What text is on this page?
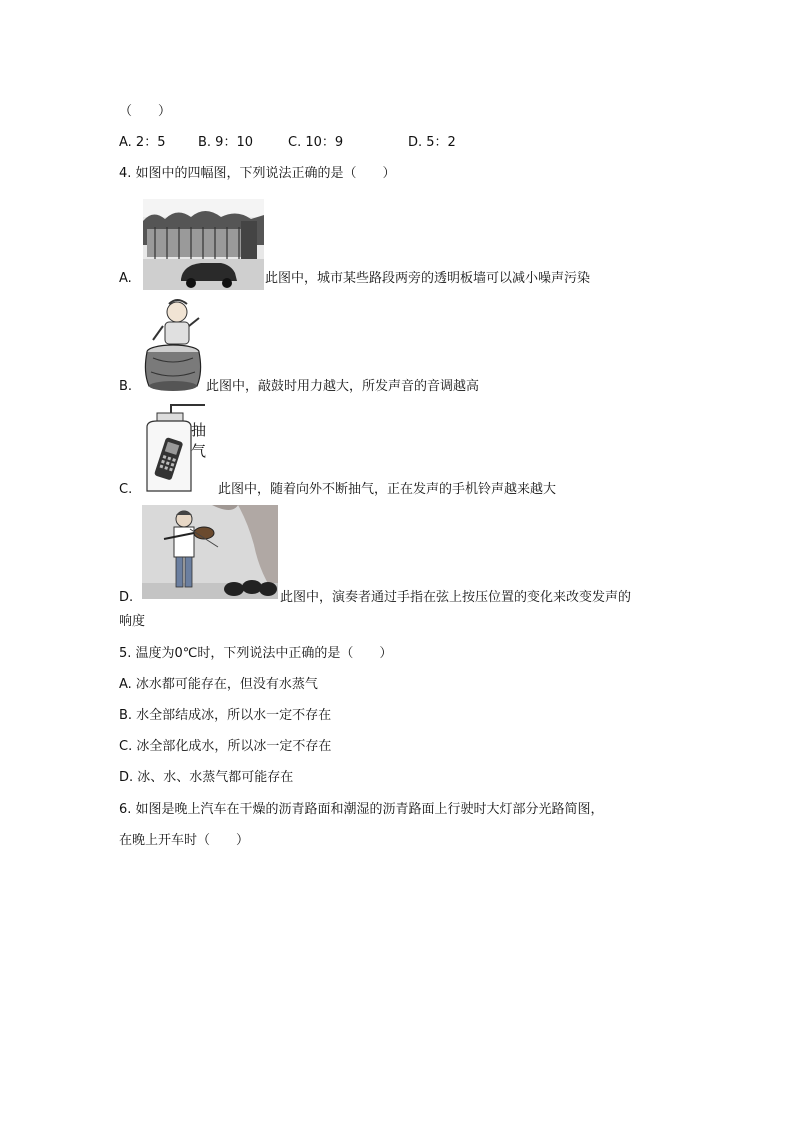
（　　）
A. 2：5	B. 9：10	C. 10：9	D. 5：2
4. 如图中的四幅图，下列说法正确的是（　　）
A.	此图中，城市某些路段两旁的透明板墙可以减小噪声污染
B.	此图中，敲鼓时用力越大，所发声音的音调越高
C.
抽气
此图中，随着向外不断抽气，正在发声的手机铃声越来越大
D.	此图中，演奏者通过手指在弦上按压位置的变化来改变发声的
响度
5. 温度为0℃时，下列说法中正确的是（　　）
A. 冰水都可能存在，但没有水蒸气
B. 水全部结成冰，所以水一定不存在
C. 冰全部化成水，所以冰一定不存在
D. 冰、水、水蒸气都可能存在
6. 如图是晚上汽车在干燥的沥青路面和潮湿的沥青路面上行驶时大灯部分光路简图，
在晚上开车时（　　）
